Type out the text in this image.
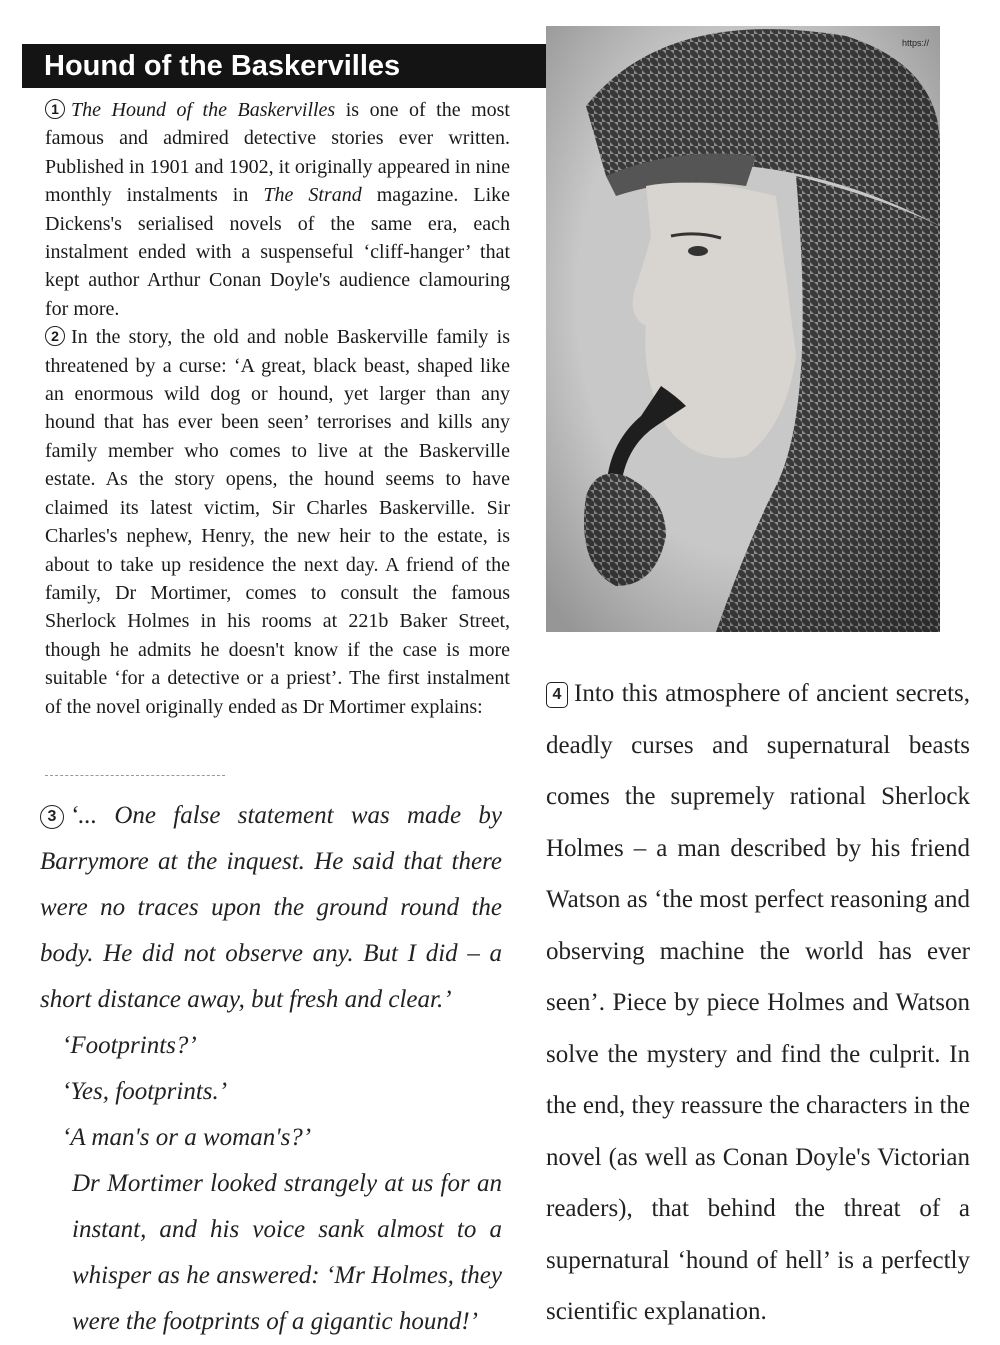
Hound of the Baskervilles

1 The Hound of the Baskervilles is one of the most famous and admired detective stories ever written. Published in 1901 and 1902, it originally appeared in nine monthly instalments in The Strand magazine. Like Dickens's serialised novels of the same era, each instalment ended with a suspenseful ‘cliff-hanger’ that kept author Arthur Conan Doyle's audience clamouring for more.

2 In the story, the old and noble Baskerville family is threatened by a curse: ‘A great, black beast, shaped like an enormous wild dog or hound, yet larger than any hound that has ever been seen’ terrorises and kills any family member who comes to live at the Baskerville estate. As the story opens, the hound seems to have claimed its latest victim, Sir Charles Baskerville. Sir Charles's nephew, Henry, the new heir to the estate, is about to take up residence the next day. A friend of the family, Dr Mortimer, comes to consult the famous Sherlock Holmes in his rooms at 221b Baker Street, though he admits he doesn't know if the case is more suitable ‘for a detective or a priest’. The first instalment of the novel originally ended as Dr Mortimer explains:

https://

3 ‘... One false statement was made by Barrymore at the inquest. He said that there were no traces upon the ground round the body. He did not observe any. But I did – a short distance away, but fresh and clear.’

‘Footprints?’

‘Yes, footprints.’

‘A man's or a woman's?’

Dr Mortimer looked strangely at us for an instant, and his voice sank almost to a whisper as he answered: ‘Mr Holmes, they were the footprints of a gigantic hound!’

4 Into this atmosphere of ancient secrets, deadly curses and supernatural beasts comes the supremely rational Sherlock Holmes – a man described by his friend Watson as ‘the most perfect reasoning and observing machine the world has ever seen’. Piece by piece Holmes and Watson solve the mystery and find the culprit. In the end, they reassure the characters in the novel (as well as Conan Doyle's Victorian readers), that behind the threat of a supernatural ‘hound of hell’ is a perfectly scientific explanation.
